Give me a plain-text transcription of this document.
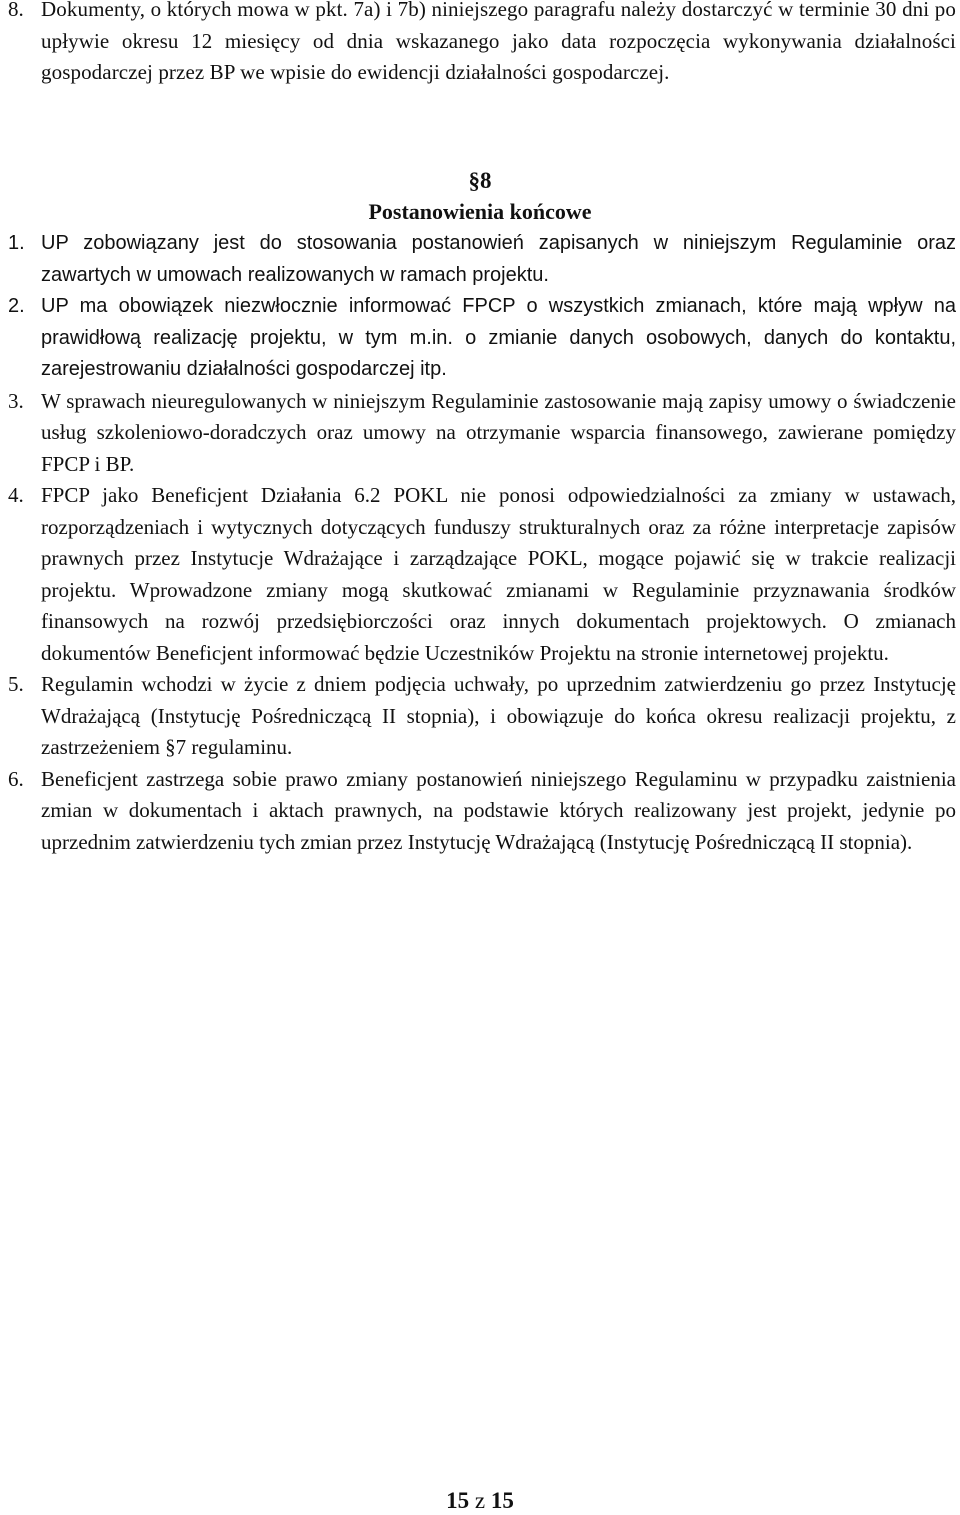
8. Dokumenty, o których mowa w pkt. 7a) i 7b) niniejszego paragrafu należy dostarczyć w terminie 30 dni po upływie okresu 12 miesięcy od dnia wskazanego jako data rozpoczęcia wykonywania działalności gospodarczej przez BP we wpisie do ewidencji działalności gospodarczej.
§8
Postanowienia końcowe
1. UP zobowiązany jest do stosowania postanowień zapisanych w niniejszym Regulaminie oraz zawartych w umowach realizowanych w ramach projektu.
2. UP ma obowiązek niezwłocznie informować FPCP o wszystkich zmianach, które mają wpływ na prawidłową realizację projektu, w tym m.in. o zmianie danych osobowych, danych do kontaktu, zarejestrowaniu działalności gospodarczej itp.
3. W sprawach nieuregulowanych w niniejszym Regulaminie zastosowanie mają zapisy umowy o świadczenie usług szkoleniowo-doradczych oraz umowy na otrzymanie wsparcia finansowego, zawierane pomiędzy FPCP i BP.
4. FPCP jako Beneficjent Działania 6.2 POKL nie ponosi odpowiedzialności za zmiany w ustawach, rozporządzeniach i wytycznych dotyczących funduszy strukturalnych oraz za różne interpretacje zapisów prawnych przez Instytucje Wdrażające i zarządzające POKL, mogące pojawić się w trakcie realizacji projektu. Wprowadzone zmiany mogą skutkować zmianami w Regulaminie przyznawania środków finansowych na rozwój przedsiębiorczości oraz innych dokumentach projektowych. O zmianach dokumentów Beneficjent informować będzie Uczestników Projektu na stronie internetowej projektu.
5. Regulamin wchodzi w życie z dniem podjęcia uchwały, po uprzednim zatwierdzeniu go przez Instytucję Wdrażającą (Instytucję Pośredniczącą II stopnia), i obowiązuje do końca okresu realizacji projektu, z zastrzeżeniem §7 regulaminu.
6. Beneficjent zastrzega sobie prawo zmiany postanowień niniejszego Regulaminu w przypadku zaistnienia zmian w dokumentach i aktach prawnych, na podstawie których realizowany jest projekt, jedynie po uprzednim zatwierdzeniu tych zmian przez Instytucję Wdrażającą (Instytucję Pośredniczącą II stopnia).
15 z 15
